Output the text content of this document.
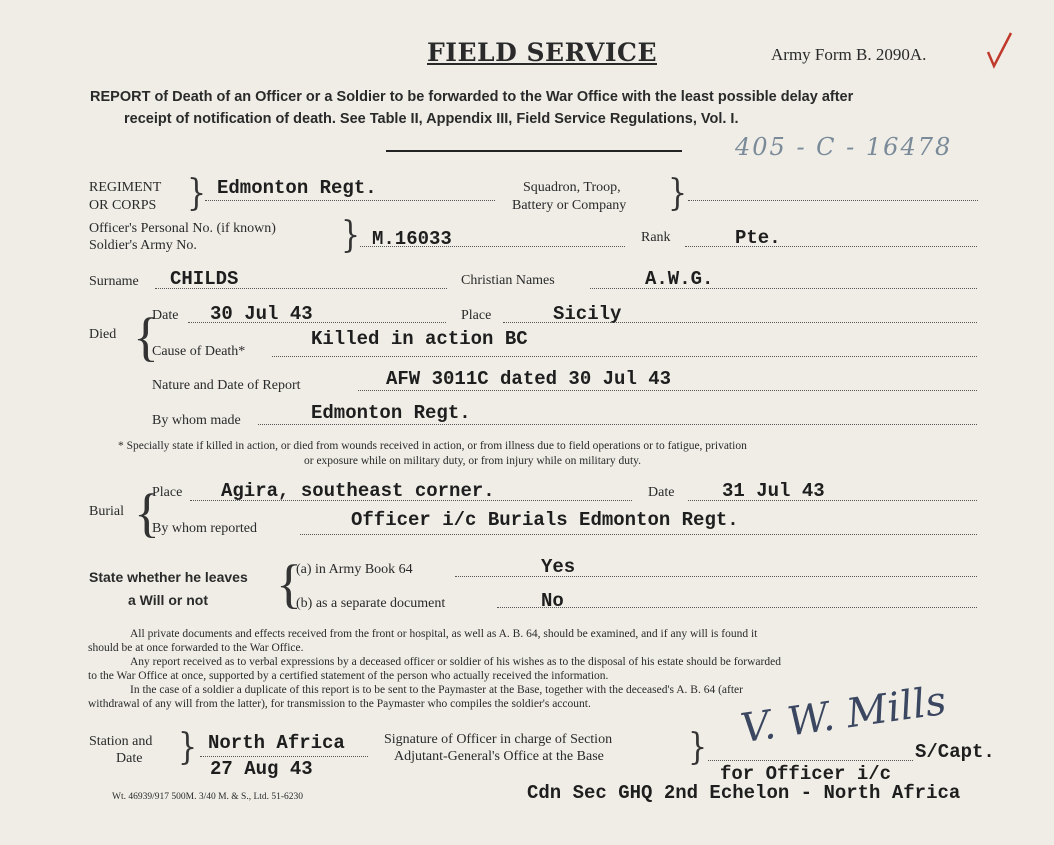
FIELD SERVICE	Army Form B. 2090A.
REPORT of Death of an Officer or a Soldier to be forwarded to the War Office with the least possible delay after
receipt of notification of death. See Table II, Appendix III, Field Service Regulations, Vol. I.
405 - C - 16478
REGIMENT
OR CORPS } Edmonton Regt.	Squadron, Troop,
Battery or Company }
Officer's Personal No. (if known)
Soldier's Army No.	} M.16033	Rank	Pte.
Surname CHILDS	Christian Names	A.W.G.
Died {
Date 30 Jul 43	Place	Sicily
Cause of Death*
Killed in action BC
Nature and Date of Report	AFW 3011C dated 30 Jul 43
By whom made	Edmonton Regt.
* Specially state if killed in action, or died from wounds received in action, or from illness due to field operations or to fatigue, privation
or exposure while on military duty, or from injury while on military duty.
Burial {
Place Agira, southeast corner.	Date	31 Jul 43
By whom reported	Officer i/c Burials Edmonton Regt.
State whether he leaves
a Will or not {
(a) in Army Book 64	Yes
(b) as a separate document	No
All private documents and effects received from the front or hospital, as well as A. B. 64, should be examined, and if any will is found it
should be at once forwarded to the War Office.
Any report received as to verbal expressions by a deceased officer or soldier of his wishes as to the disposal of his estate should be forwarded
to the War Office at once, supported by a certified statement of the person who actually received the information.
In the case of a soldier a duplicate of this report is to be sent to the Paymaster at the Base, together with the deceased's A. B. 64 (after
withdrawal of any will from the latter), for transmission to the Paymaster who compiles the soldier's account.
Station and
Date } North Africa
27 Aug 43
Signature of Officer in charge of Section
Adjutant-General's Office at the Base	} V. W. Mills
S/Capt.
for Officer i/c
Cdn Sec GHQ 2nd Echelon - North Africa
Wt. 46939/917 500M. 3/40 M. & S., Ltd. 51-6230
